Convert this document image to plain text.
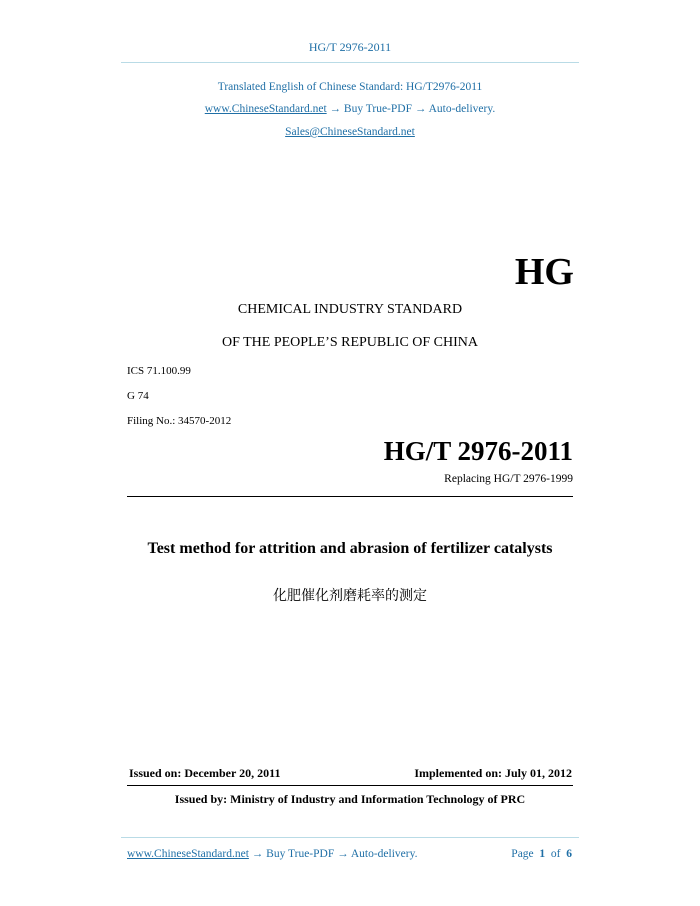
HG/T 2976-2011
Translated English of Chinese Standard: HG/T2976-2011
www.ChineseStandard.net → Buy True-PDF → Auto-delivery.
Sales@ChineseStandard.net
HG
CHEMICAL INDUSTRY STANDARD
OF THE PEOPLE’S REPUBLIC OF CHINA
ICS 71.100.99
G 74
Filing No.: 34570-2012
HG/T 2976-2011
Replacing HG/T 2976-1999
Test method for attrition and abrasion of fertilizer catalysts
化肥催化剂磨耗率的测定
Issued on: December 20, 2011	Implemented on: July 01, 2012
Issued by: Ministry of Industry and Information Technology of PRC
www.ChineseStandard.net → Buy True-PDF → Auto-delivery.	Page 1 of 6
